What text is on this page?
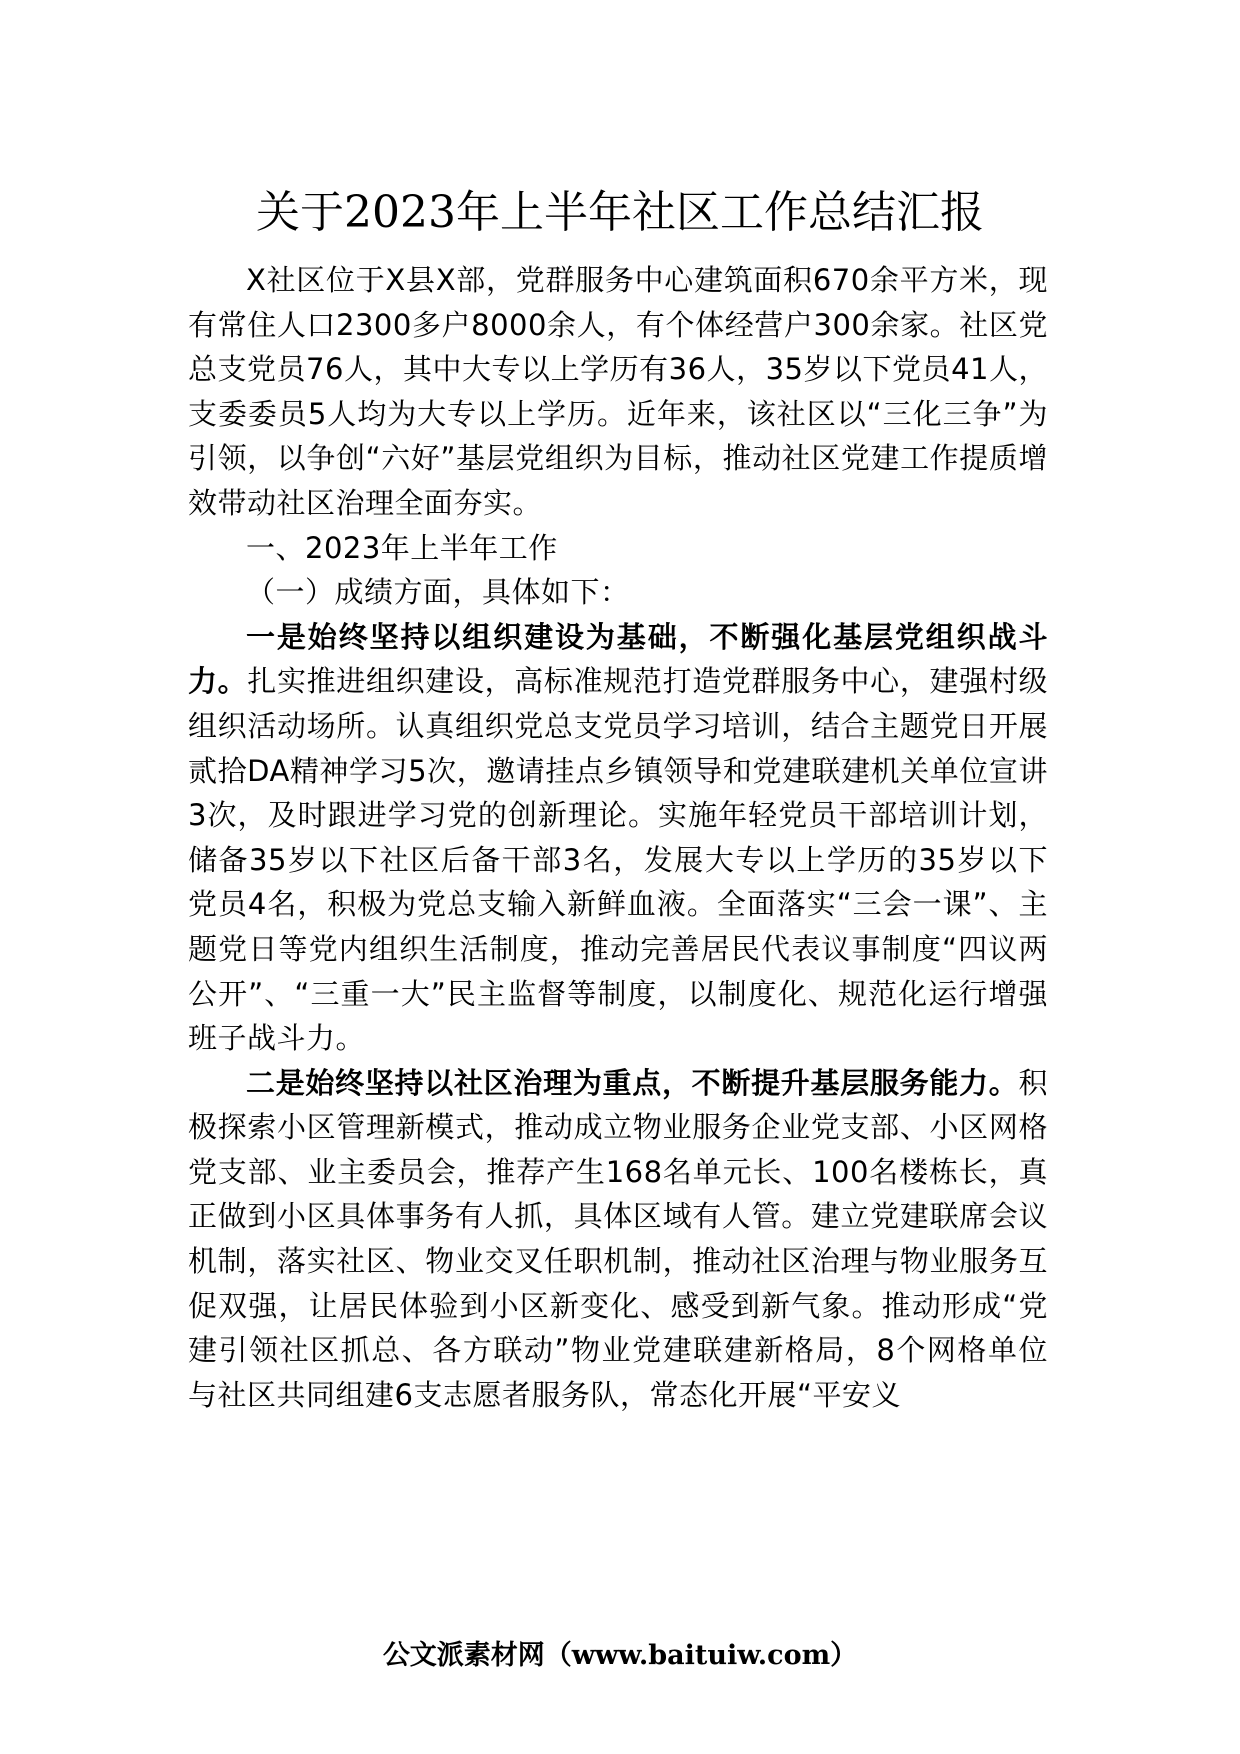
关于2023年上半年社区工作总结汇报

X社区位于X县X部，党群服务中心建筑面积670余平方米，现有常住人口2300多户8000余人，有个体经营户300余家。社区党总支党员76人，其中大专以上学历有36人，35岁以下党员41人，支委委员5人均为大专以上学历。近年来，该社区以“三化三争”为引领，以争创“六好”基层党组织为目标，推动社区党建工作提质增效带动社区治理全面夯实。

一、2023年上半年工作

（一）成绩方面，具体如下：

一是始终坚持以组织建设为基础，不断强化基层党组织战斗力。扎实推进组织建设，高标准规范打造党群服务中心，建强村级组织活动场所。认真组织党总支党员学习培训，结合主题党日开展贰拾DA精神学习5次，邀请挂点乡镇领导和党建联建机关单位宣讲3次，及时跟进学习党的创新理论。实施年轻党员干部培训计划，储备35岁以下社区后备干部3名，发展大专以上学历的35岁以下党员4名，积极为党总支输入新鲜血液。全面落实“三会一课”、主题党日等党内组织生活制度，推动完善居民代表议事制度“四议两公开”、“三重一大”民主监督等制度，以制度化、规范化运行增强班子战斗力。

二是始终坚持以社区治理为重点，不断提升基层服务能力。积极探索小区管理新模式，推动成立物业服务企业党支部、小区网格党支部、业主委员会，推荐产生168名单元长、100名楼栋长，真正做到小区具体事务有人抓，具体区域有人管。建立党建联席会议机制，落实社区、物业交叉任职机制，推动社区治理与物业服务互促双强，让居民体验到小区新变化、感受到新气象。推动形成“党建引领社区抓总、各方联动”物业党建联建新格局，8个网格单位与社区共同组建6支志愿者服务队，常态化开展“平安义

公文派素材网（www.baituiw.com）
